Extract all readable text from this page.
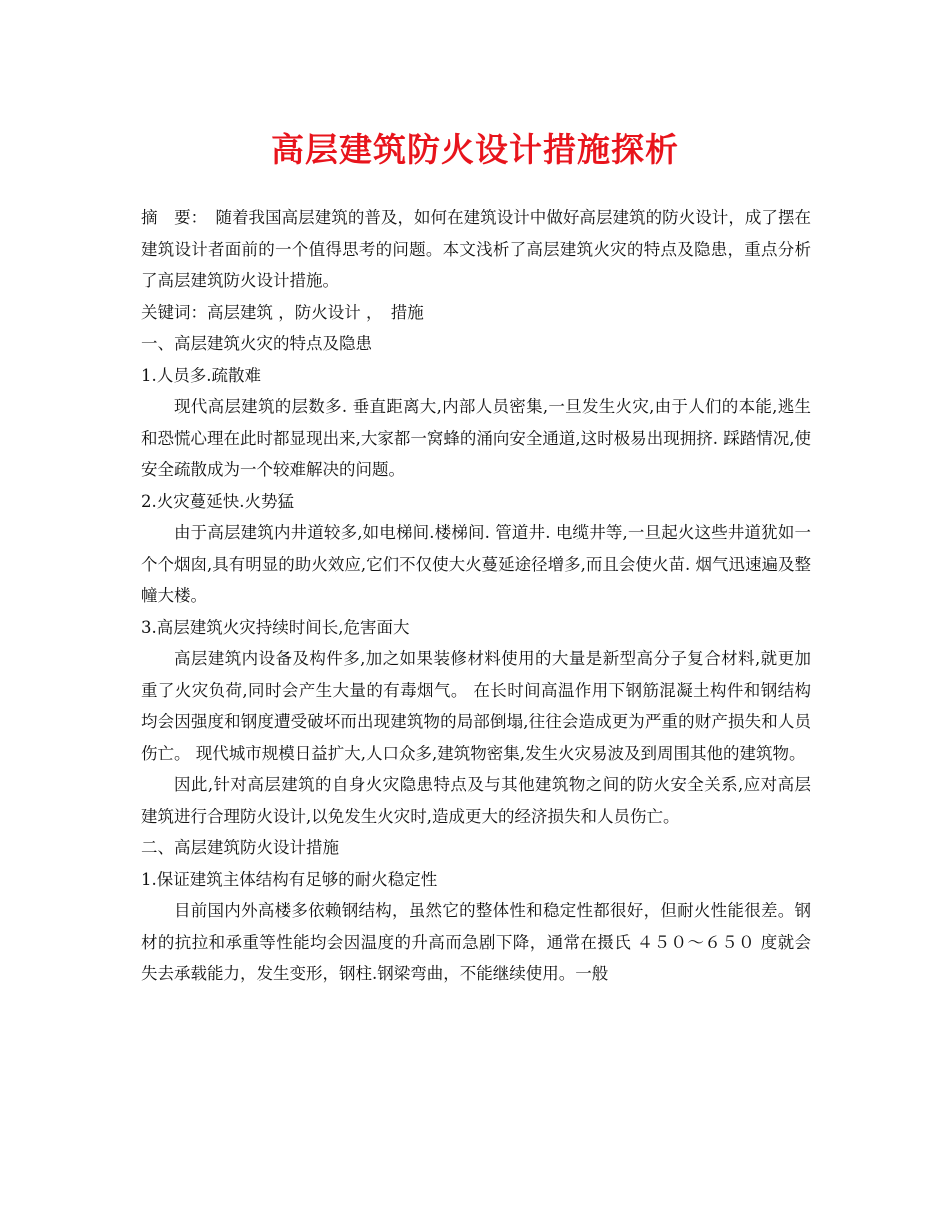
高层建筑防火设计措施探析

摘　要：　随着我国高层建筑的普及，如何在建筑设计中做好高层建筑的防火设计，成了摆在建筑设计者面前的一个值得思考的问题。本文浅析了高层建筑火灾的特点及隐患，重点分析了高层建筑防火设计措施。

关键词：高层建筑 ，防火设计 ，　措施

一、高层建筑火灾的特点及隐患

1.人员多.疏散难

现代高层建筑的层数多. 垂直距离大,内部人员密集,一旦发生火灾,由于人们的本能,逃生和恐慌心理在此时都显现出来,大家都一窝蜂的涌向安全通道,这时极易出现拥挤. 踩踏情况,使安全疏散成为一个较难解决的问题。

2.火灾蔓延快.火势猛

由于高层建筑内井道较多,如电梯间.楼梯间. 管道井. 电缆井等,一旦起火这些井道犹如一个个烟囱,具有明显的助火效应,它们不仅使大火蔓延途径增多,而且会使火苗. 烟气迅速遍及整幢大楼。

3.高层建筑火灾持续时间长,危害面大

高层建筑内设备及构件多,加之如果装修材料使用的大量是新型高分子复合材料,就更加重了火灾负荷,同时会产生大量的有毒烟气。 在长时间高温作用下钢筋混凝土构件和钢结构均会因强度和钢度遭受破坏而出现建筑物的局部倒塌,往往会造成更为严重的财产损失和人员伤亡。 现代城市规模日益扩大,人口众多,建筑物密集,发生火灾易波及到周围其他的建筑物。

因此,针对高层建筑的自身火灾隐患特点及与其他建筑物之间的防火安全关系,应对高层建筑进行合理防火设计,以免发生火灾时,造成更大的经济损失和人员伤亡。

二、高层建筑防火设计措施

1.保证建筑主体结构有足够的耐火稳定性

目前国内外高楼多依赖钢结构，虽然它的整体性和稳定性都很好，但耐火性能很差。钢材的抗拉和承重等性能均会因温度的升高而急剧下降，通常在摄氏 ４５０～６５０ 度就会失去承载能力，发生变形，钢柱.钢梁弯曲，不能继续使用。一般
